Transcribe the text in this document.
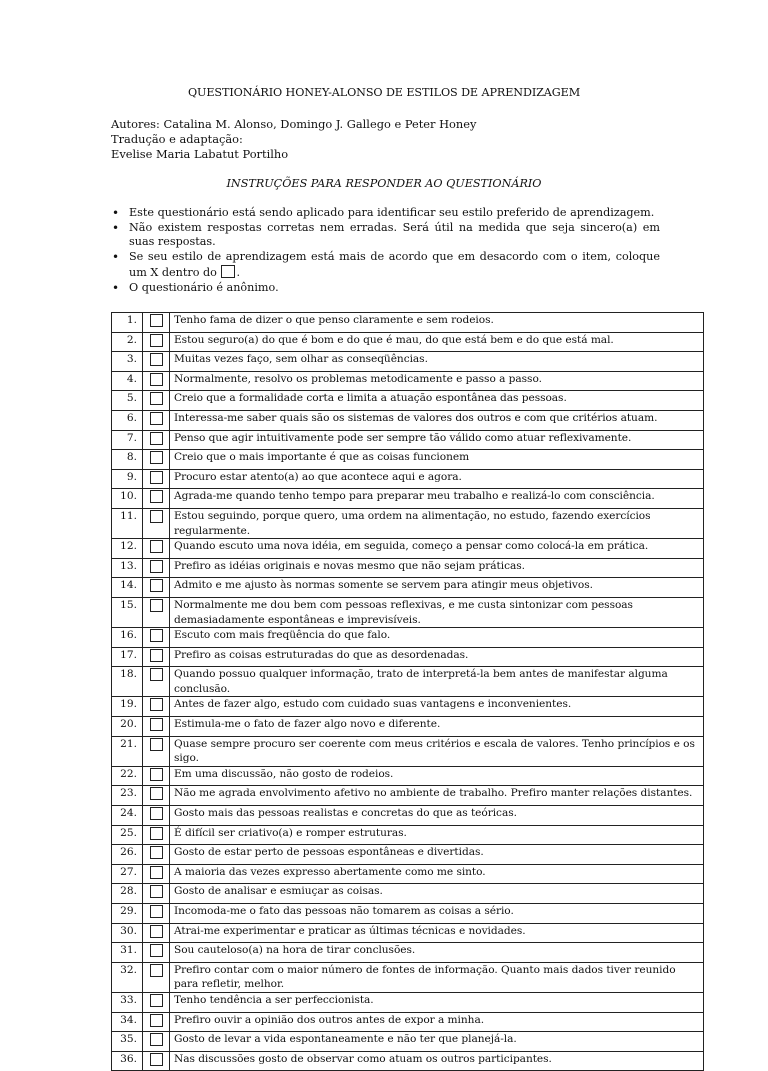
QUESTIONÁRIO HONEY-ALONSO DE ESTILOS DE APRENDIZAGEM
Autores: Catalina M. Alonso, Domingo J. Gallego e Peter Honey
Tradução e adaptação:
Evelise Maria Labatut Portilho
INSTRUÇÕES PARA RESPONDER AO QUESTIONÁRIO
• Este questionário está sendo aplicado para identificar seu estilo preferido de aprendizagem.
• Não existem respostas corretas nem erradas. Será útil na medida que seja sincero(a) em suas respostas.
• Se seu estilo de aprendizagem está mais de acordo que em desacordo com o item, coloque um X dentro do .
• O questionário é anônimo.
1.		Tenho fama de dizer o que penso claramente e sem rodeios.
2.		Estou seguro(a) do que é bom e do que é mau, do que está bem e do que está mal.
3.		Muitas vezes faço, sem olhar as conseqüências.
4.		Normalmente, resolvo os problemas metodicamente e passo a passo.
5.		Creio que a formalidade corta e limita a atuação espontânea das pessoas.
6.		Interessa-me saber quais são os sistemas de valores dos outros e com que critérios atuam.
7.		Penso que agir intuitivamente pode ser sempre tão válido como atuar reflexivamente.
8.		Creio que o mais importante é que as coisas funcionem
9.		Procuro estar atento(a) ao que acontece aqui e agora.
10.		Agrada-me quando tenho tempo para preparar meu trabalho e realizá-lo com consciência.
11.		Estou seguindo, porque quero, uma ordem na alimentação, no estudo, fazendo exercícios regularmente.
12.		Quando escuto uma nova idéia, em seguida, começo a pensar como colocá-la em prática.
13.		Prefiro as idéias originais e novas mesmo que não sejam práticas.
14.		Admito e me ajusto às normas somente se servem para atingir meus objetivos.
15.		Normalmente me dou bem com pessoas reflexivas, e me custa sintonizar com pessoas demasiadamente espontâneas e imprevisíveis.
16.		Escuto com mais freqüência do que falo.
17.		Prefiro as coisas estruturadas do que as desordenadas.
18.		Quando possuo qualquer informação, trato de interpretá-la bem antes de manifestar alguma conclusão.
19.		Antes de fazer algo, estudo com cuidado suas vantagens e inconvenientes.
20.		Estimula-me o fato de fazer algo novo e diferente.
21.		Quase sempre procuro ser coerente com meus critérios e escala de valores. Tenho princípios e os sigo.
22.		Em uma discussão, não gosto de rodeios.
23.		Não me agrada envolvimento afetivo no ambiente de trabalho. Prefiro manter relações distantes.
24.		Gosto mais das pessoas realistas e concretas do que as teóricas.
25.		É difícil ser criativo(a) e romper estruturas.
26.		Gosto de estar perto de pessoas espontâneas e divertidas.
27.		A maioria das vezes expresso abertamente como me sinto.
28.		Gosto de analisar e esmiuçar as coisas.
29.		Incomoda-me o fato das pessoas não tomarem as coisas a sério.
30.		Atrai-me experimentar e praticar as últimas técnicas e novidades.
31.		Sou cauteloso(a) na hora de tirar conclusões.
32.		Prefiro contar com o maior número de fontes de informação. Quanto mais dados tiver reunido para refletir, melhor.
33.		Tenho tendência a ser perfeccionista.
34.		Prefiro ouvir a opinião dos outros antes de expor a minha.
35.		Gosto de levar a vida espontaneamente e não ter que planejá-la.
36.		Nas discussões gosto de observar como atuam os outros participantes.
